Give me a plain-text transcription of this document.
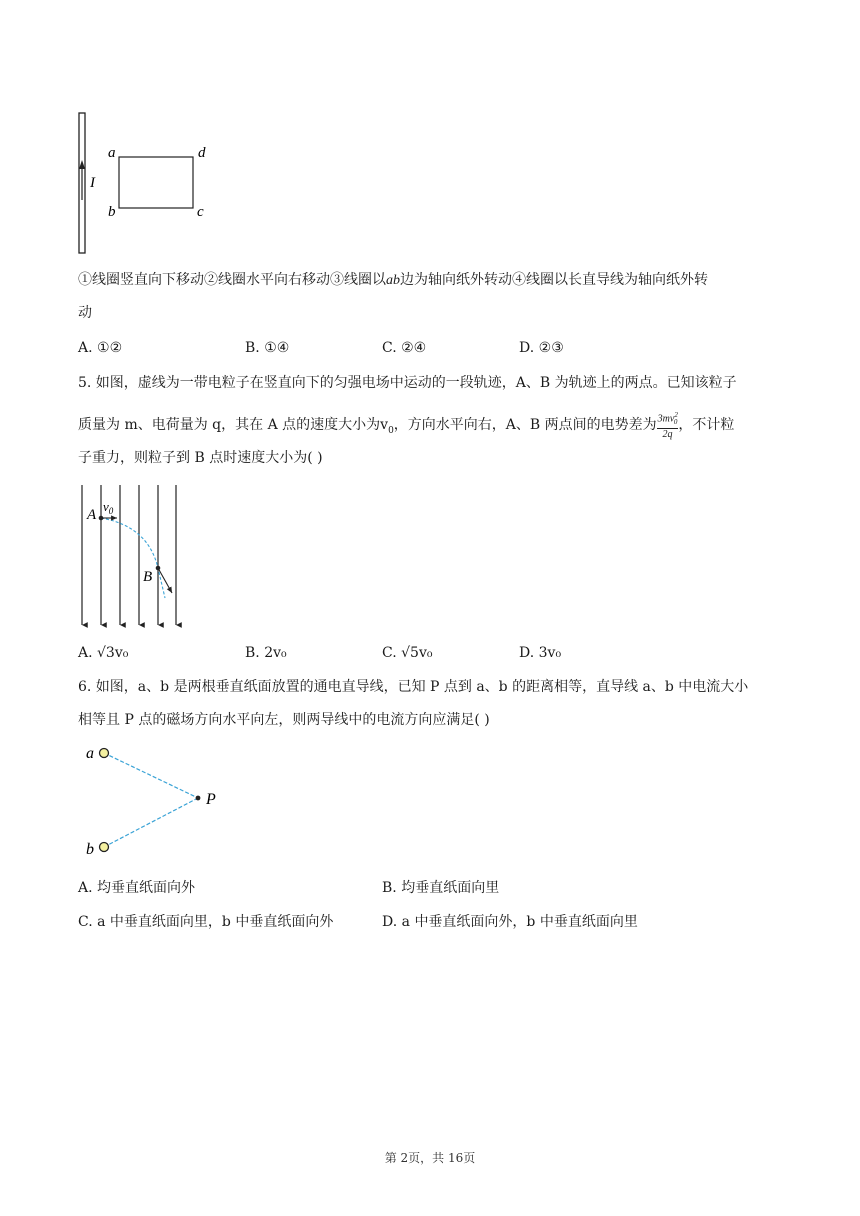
I
a	d
b	c
①线圈竖直向下移动②线圈水平向右移动③线圈以ab边为轴向纸外转动④线圈以长直导线为轴向纸外转
动
A. ①②	B. ①④	C. ②④	D. ②③
5. 如图，虚线为一带电粒子在竖直向下的匀强电场中运动的一段轨迹，A、B 为轨迹上的两点。已知该粒子
质量为 m、电荷量为 q，其在 A 点的速度大小为$v_0$，方向水平向右，A、B 两点间的电势差为 $\frac{3mv^2_0}{2q}$ ，不计粒
子重力，则粒子到 B 点时速度大小为( )
A
$v_0$
B
A. √3v₀	B. 2v₀	C. √5v₀	D. 3v₀
6. 如图，a、b 是两根垂直纸面放置的通电直导线，已知 P 点到 a、b 的距离相等，直导线 a、b 中电流大小
相等且 P 点的磁场方向水平向左，则两导线中的电流方向应满足( )
a
b
P
A. 均垂直纸面向外	B. 均垂直纸面向里
C. a 中垂直纸面向里，b 中垂直纸面向外	D. a 中垂直纸面向外，b 中垂直纸面向里
第 2页，共 16页
